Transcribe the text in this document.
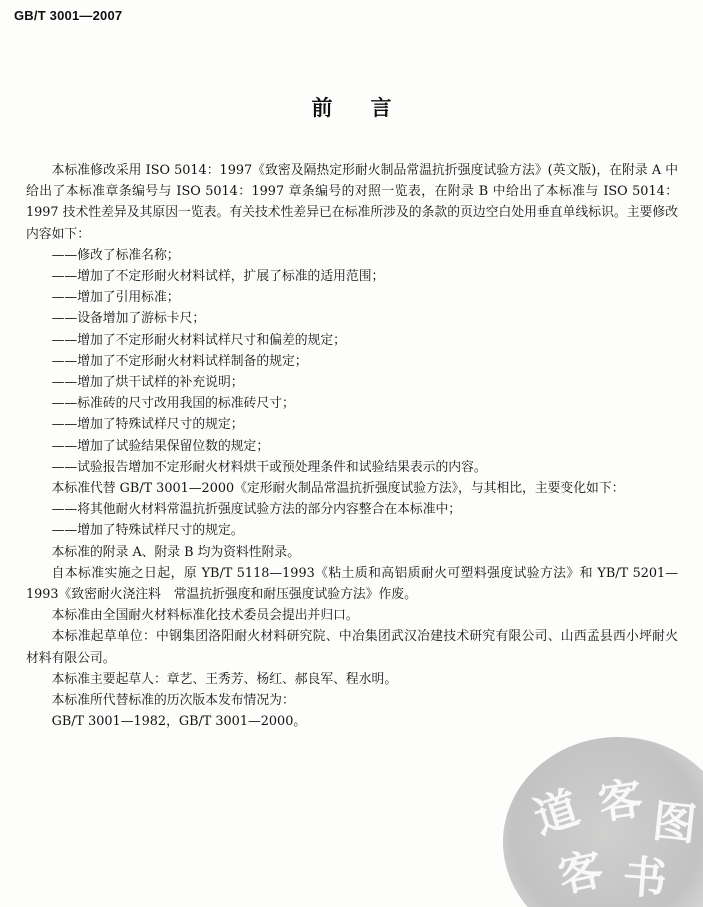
GB/T 3001—2007
前言

本标准修改采用 ISO 5014：1997《致密及隔热定形耐火制品常温抗折强度试验方法》(英文版)，在附录 A 中给出了本标准章条编号与 ISO 5014：1997 章条编号的对照一览表，在附录 B 中给出了本标准与 ISO 5014：1997 技术性差异及其原因一览表。有关技术性差异已在标准所涉及的条款的页边空白处用垂直单线标识。主要修改内容如下：

——修改了标准名称；

——增加了不定形耐火材料试样，扩展了标准的适用范围；

——增加了引用标准；

——设备增加了游标卡尺；

——增加了不定形耐火材料试样尺寸和偏差的规定；

——增加了不定形耐火材料试样制备的规定；

——增加了烘干试样的补充说明；

——标准砖的尺寸改用我国的标准砖尺寸；

——增加了特殊试样尺寸的规定；

——增加了试验结果保留位数的规定；

——试验报告增加不定形耐火材料烘干或预处理条件和试验结果表示的内容。

本标准代替 GB/T 3001—2000《定形耐火制品常温抗折强度试验方法》，与其相比，主要变化如下：

——将其他耐火材料常温抗折强度试验方法的部分内容整合在本标准中；

——增加了特殊试样尺寸的规定。

本标准的附录 A、附录 B 均为资料性附录。

自本标准实施之日起，原 YB/T 5118—1993《粘土质和高铝质耐火可塑料强度试验方法》和 YB/T 5201—1993《致密耐火浇注料　常温抗折强度和耐压强度试验方法》作废。

本标准由全国耐火材料标准化技术委员会提出并归口。

本标准起草单位：中钢集团洛阳耐火材料研究院、中冶集团武汉冶建技术研究有限公司、山西孟县西小坪耐火材料有限公司。

本标准主要起草人：章艺、王秀芳、杨红、郝良军、程水明。

本标准所代替标准的历次版本发布情况为：

GB/T 3001—1982，GB/T 3001—2000。

道 客 图
客 书
